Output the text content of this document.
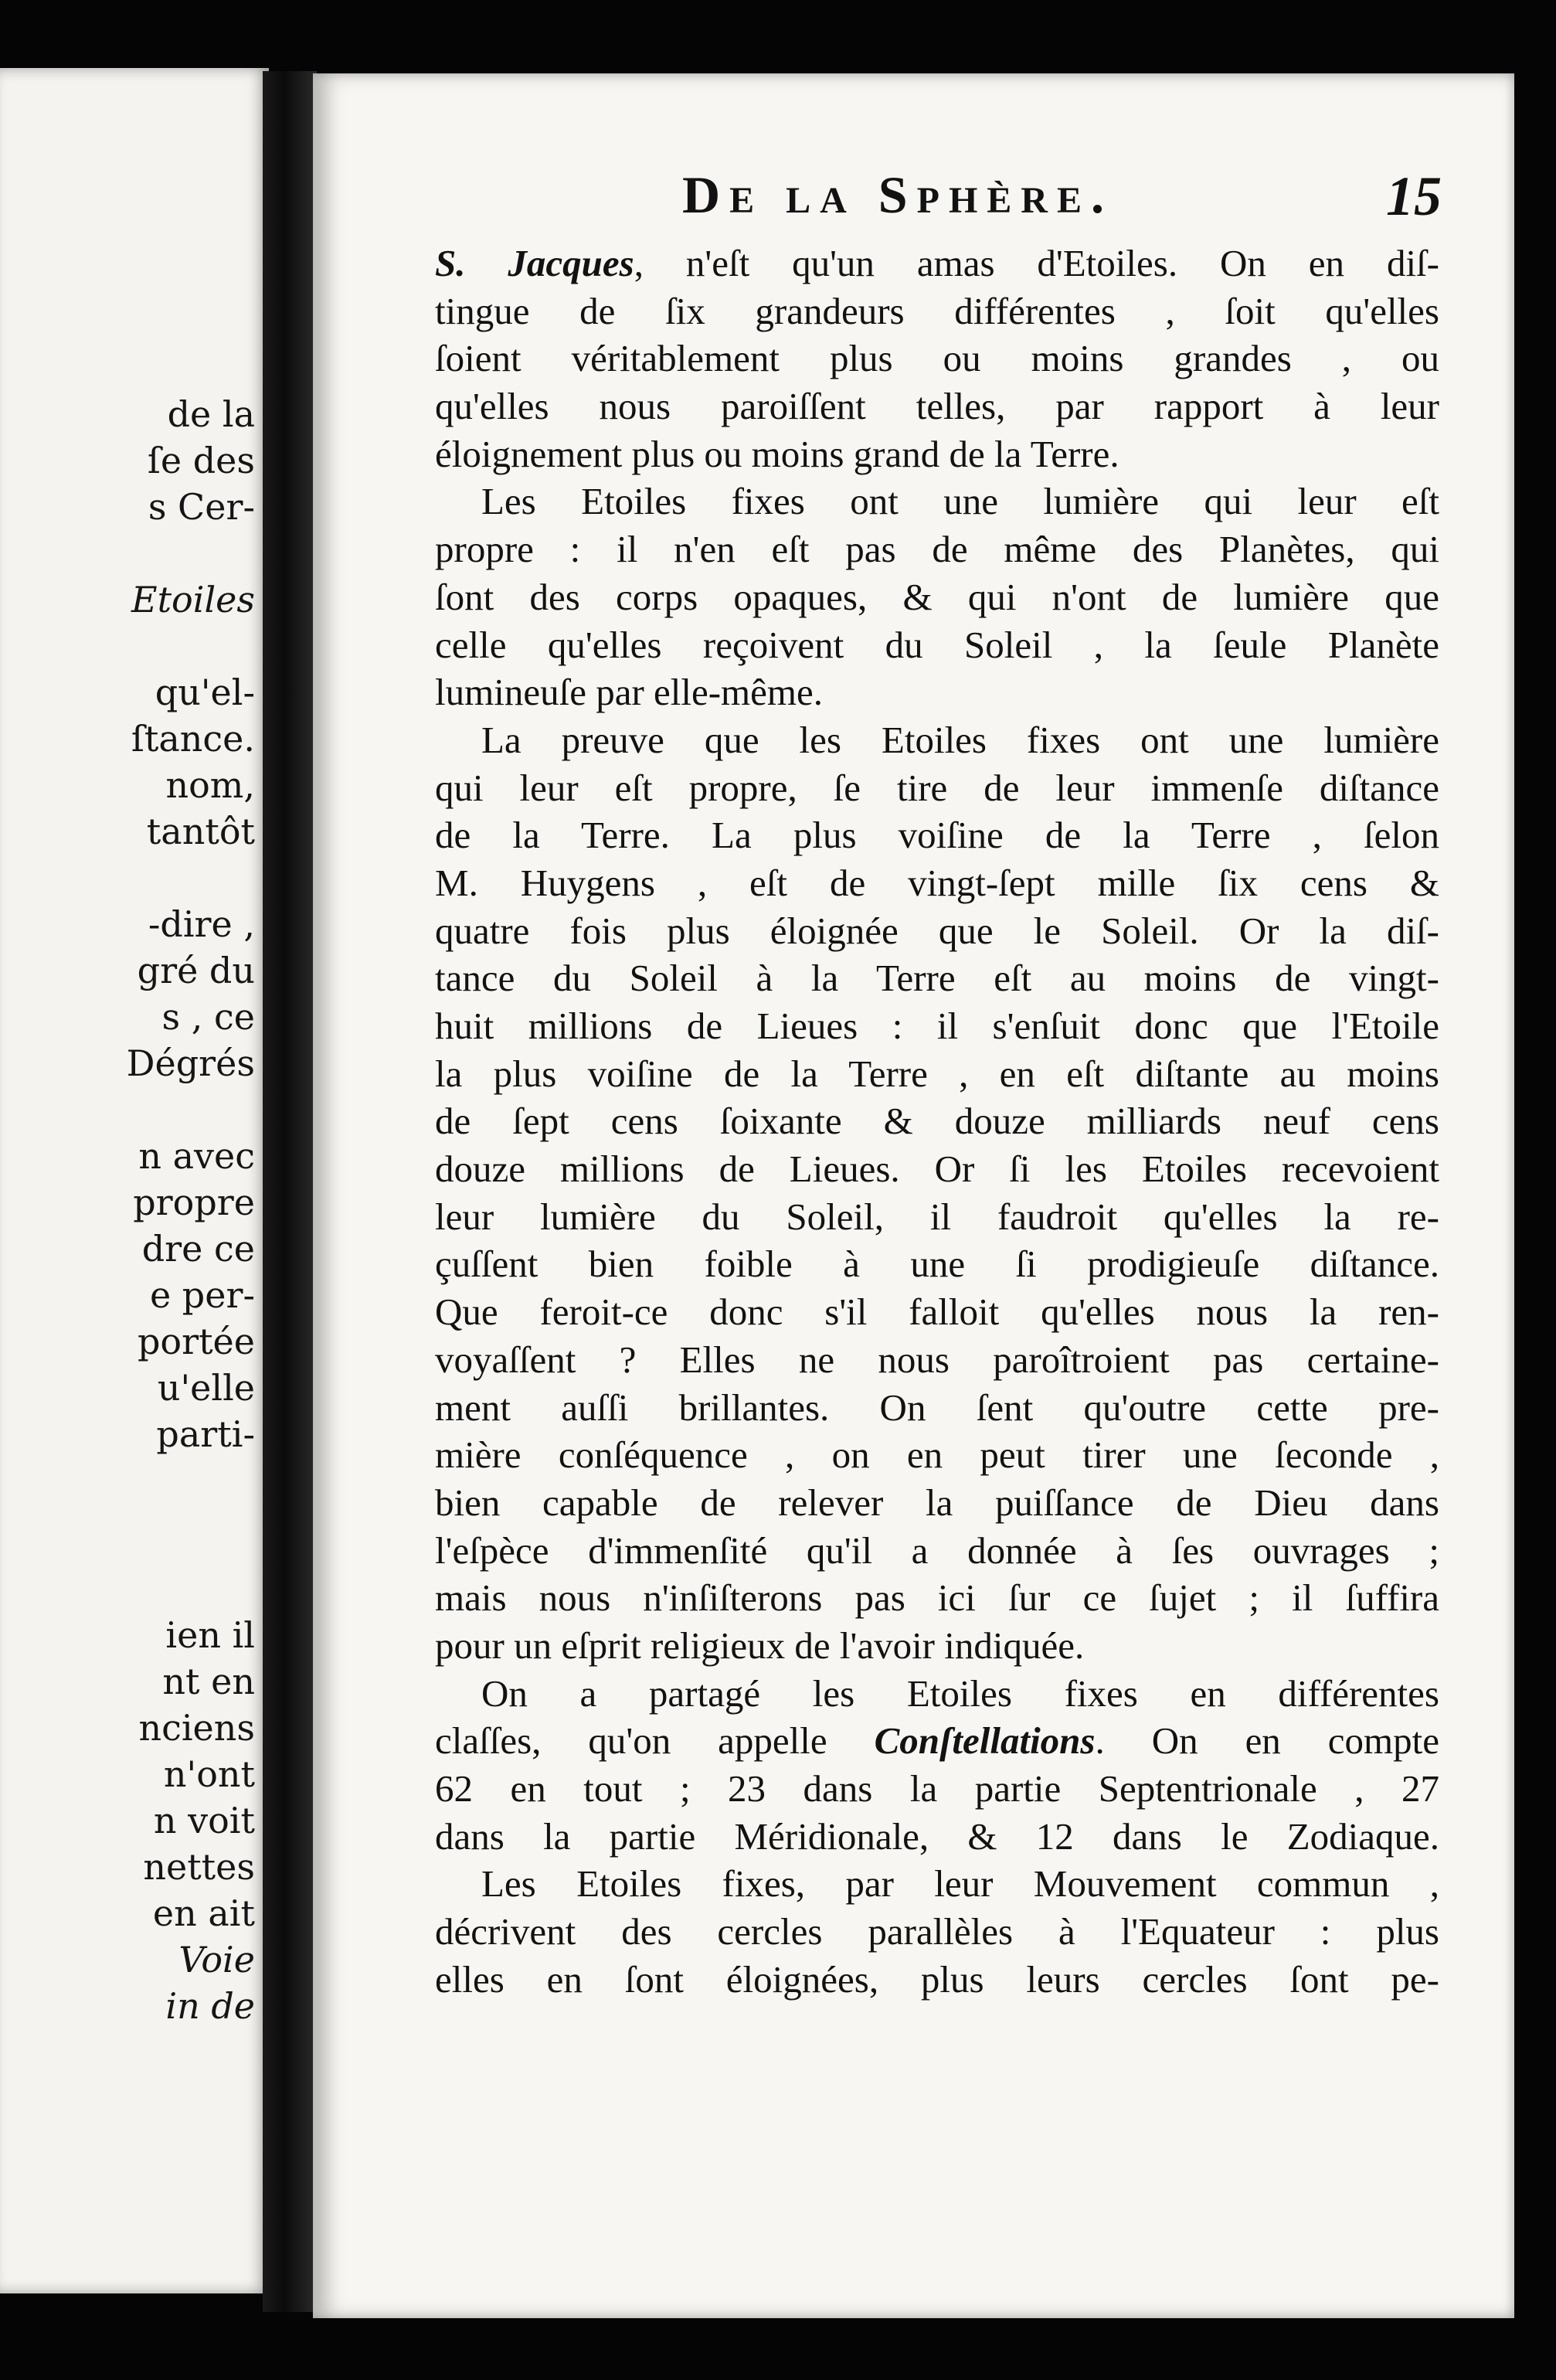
de la
ſe des
s Cer-
Etoiles
qu'el-
ſtance.
nom,
tantôt
-dire ,
gré du
s , ce
Dégrés
n avec
propre
dre ce
e per-
portée
u'elle
parti-
ien il
nt en
nciens
n'ont
n voit
nettes
en ait
Voie
in de
De la Sphère.	15
S. Jacques, n'eſt qu'un amas d'Etoiles. On en diſ-
tingue de ſix grandeurs différentes , ſoit qu'elles
ſoient véritablement plus ou moins grandes , ou
qu'elles nous paroiſſent telles, par rapport à leur
éloignement plus ou moins grand de la Terre.
Les Etoiles fixes ont une lumière qui leur eſt
propre : il n'en eſt pas de même des Planètes, qui
ſont des corps opaques, & qui n'ont de lumière que
celle qu'elles reçoivent du Soleil , la ſeule Planète
lumineuſe par elle-même.
La preuve que les Etoiles fixes ont une lumière
qui leur eſt propre, ſe tire de leur immenſe diſtance
de la Terre. La plus voiſine de la Terre , ſelon
M. Huygens , eſt de vingt-ſept mille ſix cens &
quatre fois plus éloignée que le Soleil. Or la diſ-
tance du Soleil à la Terre eſt au moins de vingt-
huit millions de Lieues : il s'enſuit donc que l'Etoile
la plus voiſine de la Terre , en eſt diſtante au moins
de ſept cens ſoixante & douze milliards neuf cens
douze millions de Lieues. Or ſi les Etoiles recevoient
leur lumière du Soleil, il faudroit qu'elles la re-
çuſſent bien foible à une ſi prodigieuſe diſtance.
Que feroit-ce donc s'il falloit qu'elles nous la ren-
voyaſſent ? Elles ne nous paroîtroient pas certaine-
ment auſſi brillantes. On ſent qu'outre cette pre-
mière conſéquence , on en peut tirer une ſeconde ,
bien capable de relever la puiſſance de Dieu dans
l'eſpèce d'immenſité qu'il a donnée à ſes ouvrages ;
mais nous n'inſiſterons pas ici ſur ce ſujet ; il ſuffira
pour un eſprit religieux de l'avoir indiquée.
On a partagé les Etoiles fixes en différentes
claſſes, qu'on appelle Conſtellations. On en compte
62 en tout ; 23 dans la partie Septentrionale , 27
dans la partie Méridionale, & 12 dans le Zodiaque.
Les Etoiles fixes, par leur Mouvement commun ,
décrivent des cercles parallèles à l'Equateur : plus
elles en ſont éloignées, plus leurs cercles ſont pe-
